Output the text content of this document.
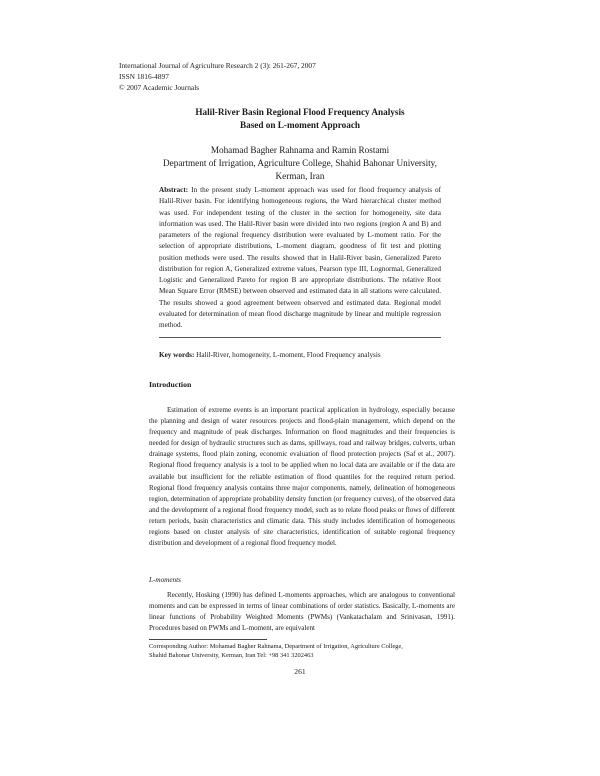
International Journal of Agriculture Research 2 (3): 261-267, 2007
ISSN 1816-4897
© 2007 Academic Journals
Halil-River Basin Regional Flood Frequency Analysis
Based on L-moment Approach
Mohamad Bagher Rahnama and Ramin Rostami
Department of Irrigation, Agriculture College, Shahid Bahonar University,
Kerman, Iran
Abstract: In the present study L-moment approach was used for flood frequency analysis of Halil-River basin. For identifying homogeneous regions, the Ward hierarchical cluster method was used. For independent testing of the cluster in the section for homogeneity, site data information was used. The Halil-River basin were divided into two regions (region A and B) and parameters of the regional frequency distribution were evaluated by L-moment ratio. For the selection of appropriate distributions, L-moment diagram, goodness of fit test and plotting position methods were used. The results showed that in Halil-River basin, Generalized Pareto distribution for region A, Generalized extreme values, Pearson type III, Lognormal, Generalized Logistic and Generalized Pareto for region B are appropriate distributions. The relative Root Mean Square Error (RMSE) between observed and estimated data in all stations were calculated. The results showed a good agreement between observed and estimated data. Regional model evaluated for determination of mean flood discharge magnitude by linear and multiple regression method.
Key words: Halil-River, homogeneity, L-moment, Flood Frequency analysis
Introduction
Estimation of extreme events is an important practical application in hydrology, especially because the planning and design of water resources projects and flood-plain management, which depend on the frequency and magnitude of peak discharges. Information on flood magnitudes and their frequencies is needed for design of hydraulic structures such as dams, spillways, road and railway bridges, culverts, urban drainage systems, flood plain zoning, economic evaluation of flood protection projects (Saf et al., 2007). Regional flood frequency analysis is a tool to be applied when no local data are available or if the data are available but insufficient for the reliable estimation of flood quantiles for the required return period. Regional flood frequency analysis contains three major components, namely, delineation of homogeneous region, determination of appropriate probability density function (or frequency curves), of the observed data and the development of a regional flood frequency model, such as to relate flood peaks or flows of different return periods, basin characteristics and climatic data. This study includes identification of homogeneous regions based on cluster analysis of site characteristics, identification of suitable regional frequency distribution and development of a regional flood frequency model.
L-moments
Recently, Hosking (1990) has defined L-moments approaches, which are analogous to conventional moments and can be expressed in terms of linear combinations of order statistics. Basically, L-moments are linear functions of Probability Weighted Moments (PWMs) (Vankatachalam and Srinivasan, 1991). Procedures based on PWMs and L-moment, are equivalent
Corresponding Author: Mohamad Bagher Rahnama, Department of Irrigation, Agriculture College,
Shahid Bahonar University, Kerman, Iran Tel: +98 341 3202463
261
